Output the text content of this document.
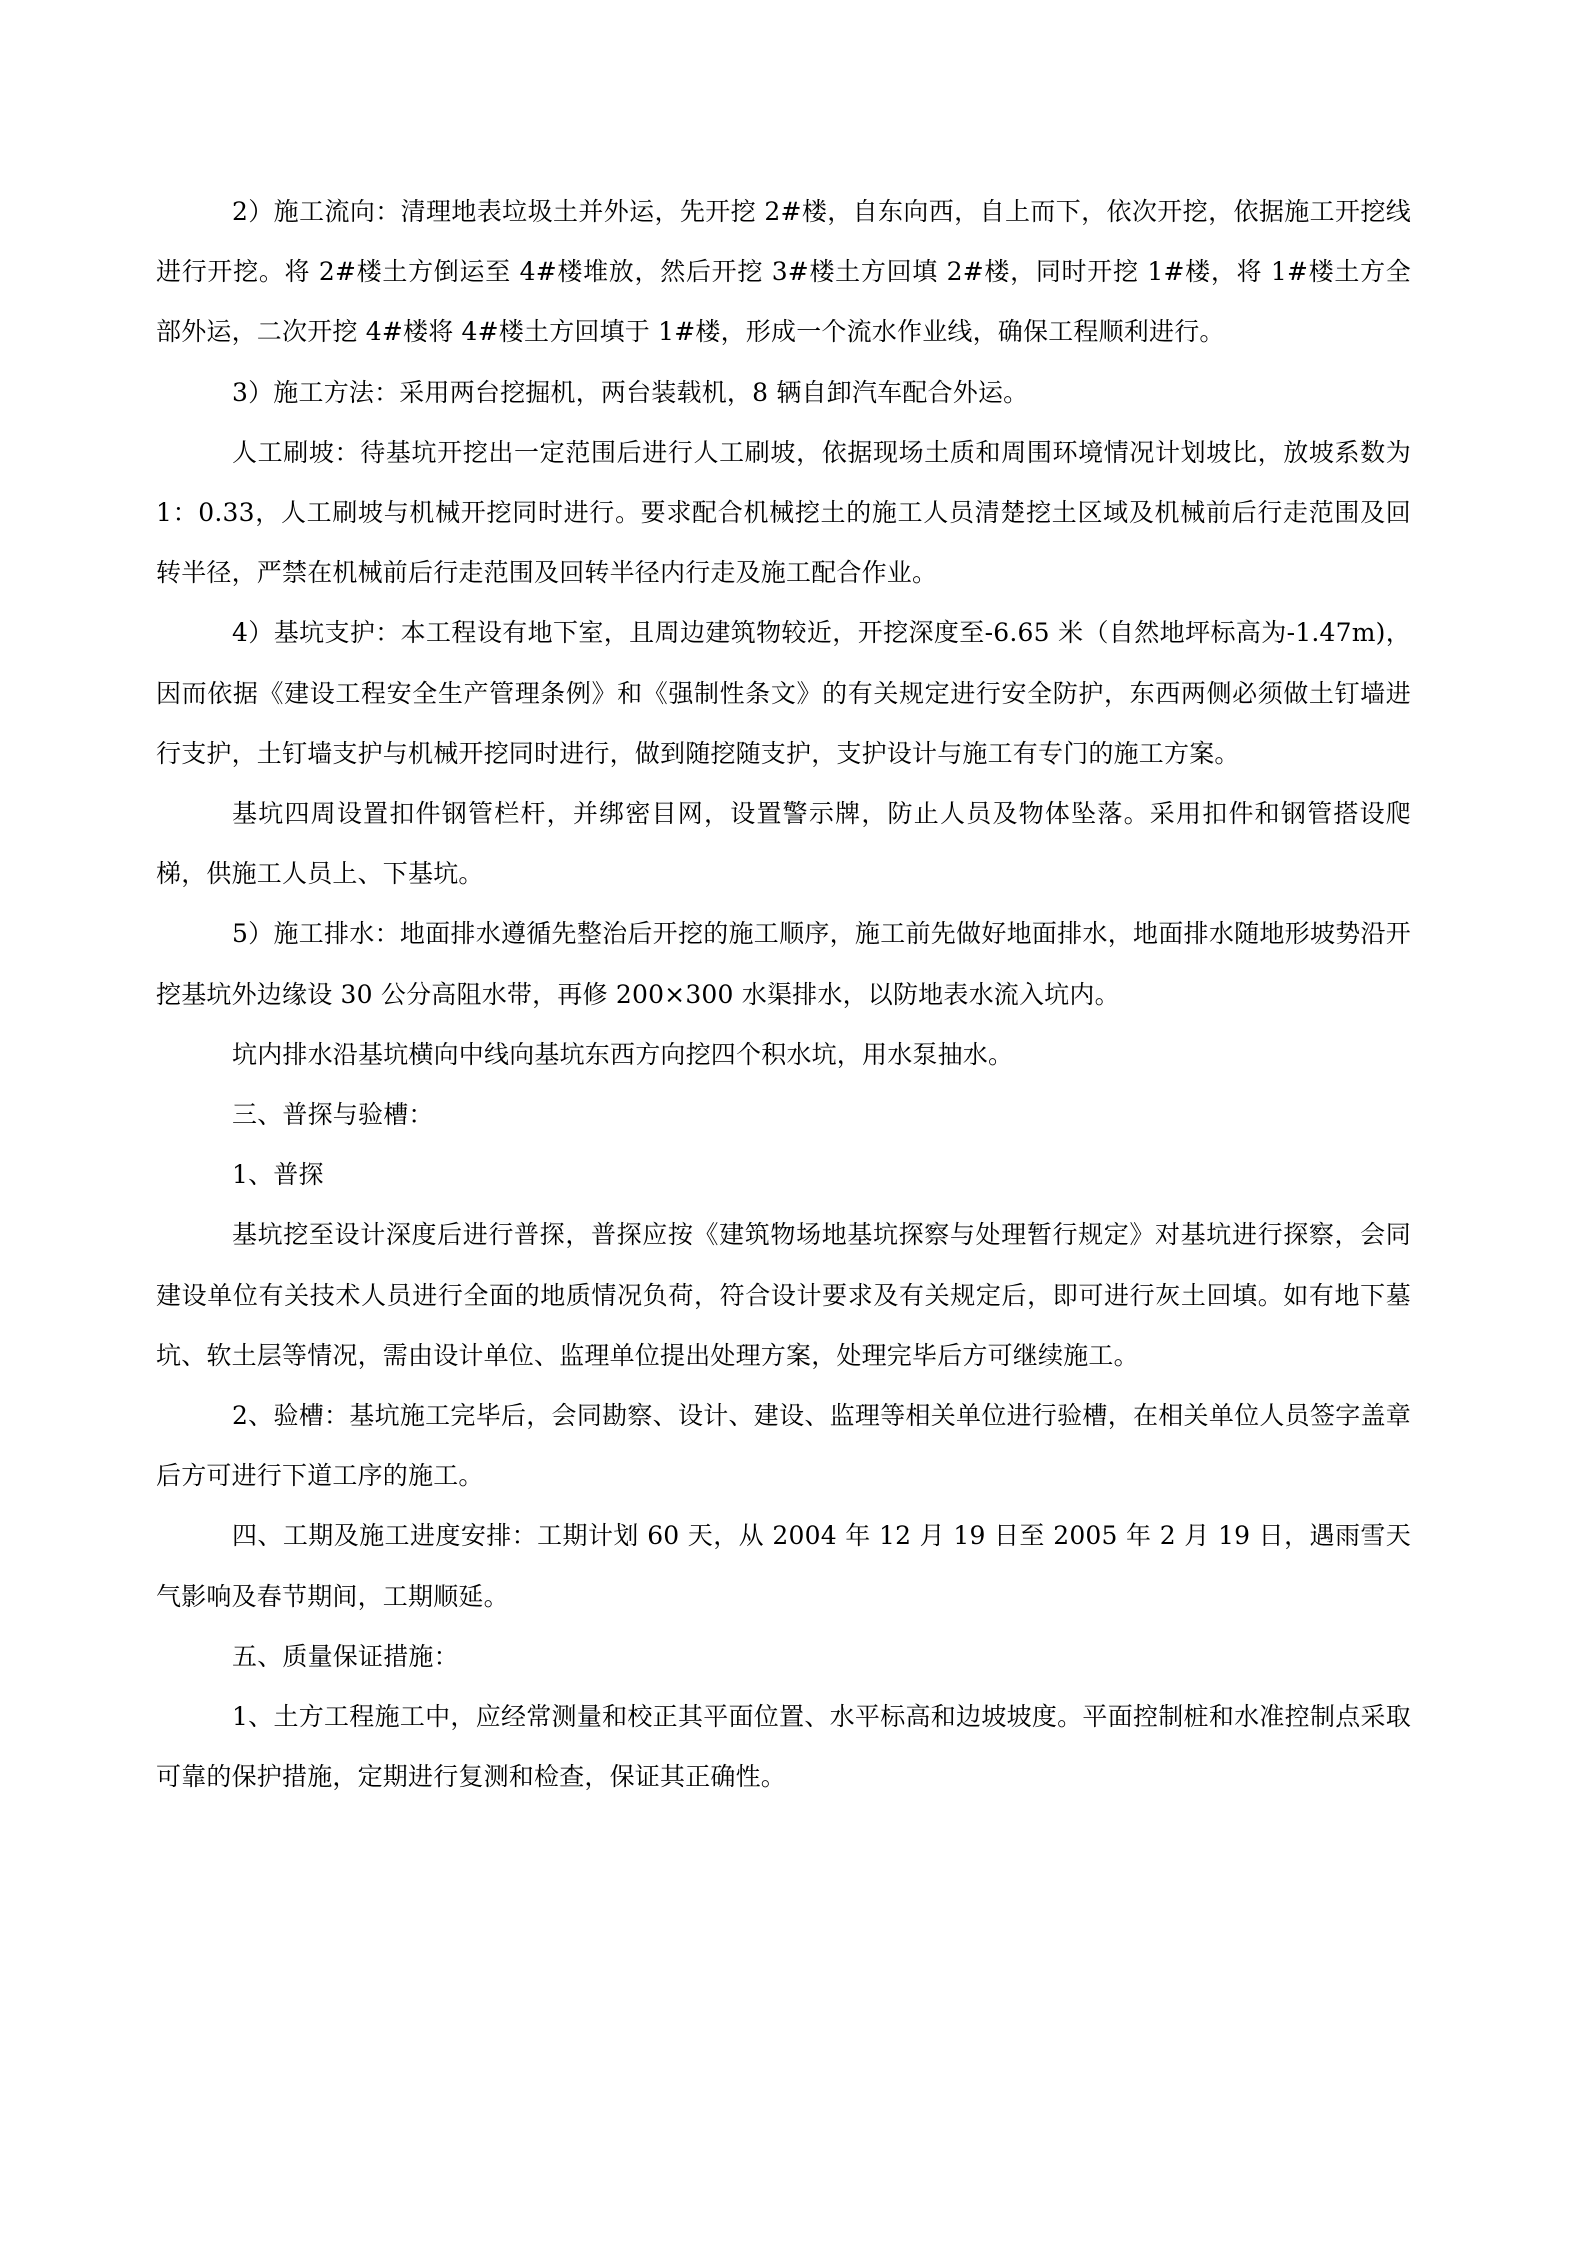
2）施工流向：清理地表垃圾土并外运，先开挖 2#楼，自东向西，自上而下，依次开挖，依据施工开挖线进行开挖。将 2#楼土方倒运至 4#楼堆放，然后开挖 3#楼土方回填 2#楼，同时开挖 1#楼，将 1#楼土方全部外运，二次开挖 4#楼将 4#楼土方回填于 1#楼，形成一个流水作业线，确保工程顺利进行。

3）施工方法：采用两台挖掘机，两台装载机，8 辆自卸汽车配合外运。

人工刷坡：待基坑开挖出一定范围后进行人工刷坡，依据现场土质和周围环境情况计划坡比，放坡系数为 1：0.33，人工刷坡与机械开挖同时进行。要求配合机械挖土的施工人员清楚挖土区域及机械前后行走范围及回转半径，严禁在机械前后行走范围及回转半径内行走及施工配合作业。

4）基坑支护：本工程设有地下室，且周边建筑物较近，开挖深度至-6.65 米（自然地坪标高为-1.47m)，因而依据《建设工程安全生产管理条例》和《强制性条文》的有关规定进行安全防护，东西两侧必须做土钉墙进行支护，土钉墙支护与机械开挖同时进行，做到随挖随支护，支护设计与施工有专门的施工方案。

基坑四周设置扣件钢管栏杆，并绑密目网，设置警示牌，防止人员及物体坠落。采用扣件和钢管搭设爬梯，供施工人员上、下基坑。

5）施工排水：地面排水遵循先整治后开挖的施工顺序，施工前先做好地面排水，地面排水随地形坡势沿开挖基坑外边缘设 30 公分高阻水带，再修 200×300 水渠排水，以防地表水流入坑内。

坑内排水沿基坑横向中线向基坑东西方向挖四个积水坑，用水泵抽水。

三、普探与验槽：

1、普探

基坑挖至设计深度后进行普探，普探应按《建筑物场地基坑探察与处理暂行规定》对基坑进行探察，会同建设单位有关技术人员进行全面的地质情况负荷，符合设计要求及有关规定后，即可进行灰土回填。如有地下墓坑、软土层等情况，需由设计单位、监理单位提出处理方案，处理完毕后方可继续施工。

2、验槽：基坑施工完毕后，会同勘察、设计、建设、监理等相关单位进行验槽，在相关单位人员签字盖章后方可进行下道工序的施工。

四、工期及施工进度安排：工期计划 60 天，从 2004 年 12 月 19 日至 2005 年 2 月 19 日，遇雨雪天气影响及春节期间，工期顺延。

五、质量保证措施：

1、土方工程施工中，应经常测量和校正其平面位置、水平标高和边坡坡度。平面控制桩和水准控制点采取可靠的保护措施，定期进行复测和检查，保证其正确性。
